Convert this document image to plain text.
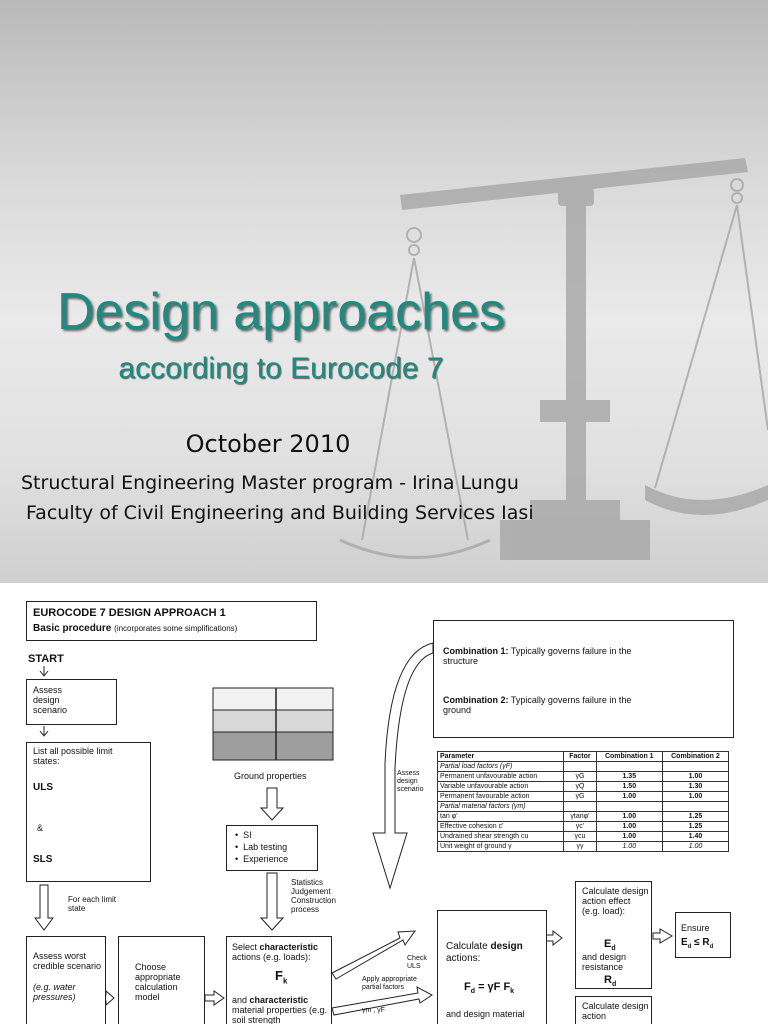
Design approaches
according to Eurocode 7
October 2010
Structural Engineering Master program - Irina Lungu
Faculty of Civil Engineering and Building Services Iasi
EUROCODE 7 DESIGN APPROACH 1
Basic procedure (incorporates some simplifications)
START
Assess design scenario
List all possible limit states:
ULS
&
SLS
For each limit state
Assess worst credible scenario
(e.g. water pressures)
Choose appropriate calculation model
Ground properties
•  SI
•  Lab testing
•  Experience
Statistics Judgement Construction process
Select characteristic actions (e.g. loads):
$F_k$
and characteristic material properties (e.g. soil strength
Apply appropriate partial factors
γm , γF
Check ULS
Assess design scenario
Combination 1: Typically governs failure in the structure
Combination 2: Typically governs failure in the ground
Parameter	Factor	Combination 1	Combination 2
Partial load factors (γF)			
Permanent unfavourable action	γG	1.35	1.00
Variable unfavourable action	γQ	1.50	1.30
Permanent favourable action	γG	1.00	1.00
Partial material factors (γm)			
tan φ'	γtanφ'	1.00	1.25
Effective cohesion c'	γc'	1.00	1.25
Undrained shear strength cu	γcu	1.00	1.40
Unit weight of ground γ	γγ	1.00	1.00
Calculate design actions:
$F_d = \gamma F$ $F_k$
and design material
Calculate design action effect (e.g. load):
$E_d$
and design resistance
$R_d$
Ensure
$E_d \le R_d$
Calculate design action
